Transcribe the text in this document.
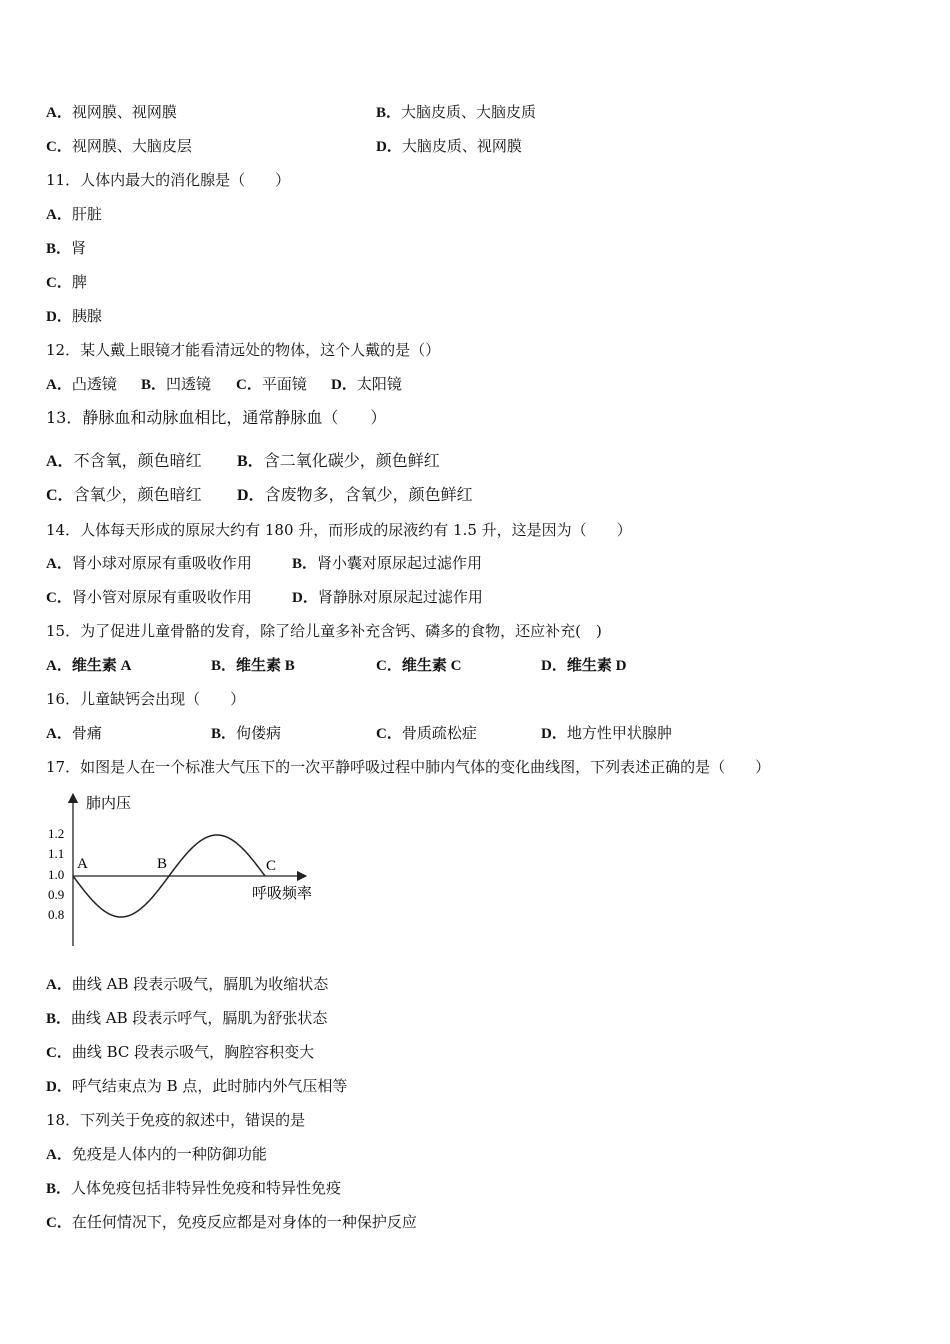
A．视网膜、视网膜	B．大脑皮质、大脑皮质
C．视网膜、大脑皮层	D．大脑皮质、视网膜
11．人体内最大的消化腺是（　　）
A．肝脏
B．肾
C．脾
D．胰腺
12．某人戴上眼镜才能看清远处的物体，这个人戴的是（）
A．凸透镜 B．凹透镜 C．平面镜 D．太阳镜
13．静脉血和动脉血相比，通常静脉血（　　）
A．不含氧，颜色暗红 B．含二氧化碳少，颜色鲜红
C．含氧少，颜色暗红 D．含废物多，含氧少，颜色鲜红
14．人体每天形成的原尿大约有 180 升，而形成的尿液约有 1.5 升，这是因为（　　）
A．肾小球对原尿有重吸收作用	B．肾小囊对原尿起过滤作用
C．肾小管对原尿有重吸收作用	D．肾静脉对原尿起过滤作用
15．为了促进儿童骨骼的发育，除了给儿童多补充含钙、磷多的食物，还应补充(　)
A．维生素 A	B．维生素 B	C．维生素 C	D．维生素 D
16．儿童缺钙会出现（　　）
A．骨痛	B．佝偻病	C．骨质疏松症	D．地方性甲状腺肿
17．如图是人在一个标准大气压下的一次平静呼吸过程中肺内气体的变化曲线图，下列表述正确的是（　　）
肺内压
呼吸频率
1.2
1.1
1.0
0.9
0.8
A	B	C
A．曲线 AB 段表示吸气，膈肌为收缩状态
B．曲线 AB 段表示呼气，膈肌为舒张状态
C．曲线 BC 段表示吸气，胸腔容积变大
D．呼气结束点为 B 点，此时肺内外气压相等
18．下列关于免疫的叙述中，错误的是
A．免疫是人体内的一种防御功能
B．人体免疫包括非特异性免疫和特异性免疫
C．在任何情况下，免疫反应都是对身体的一种保护反应
